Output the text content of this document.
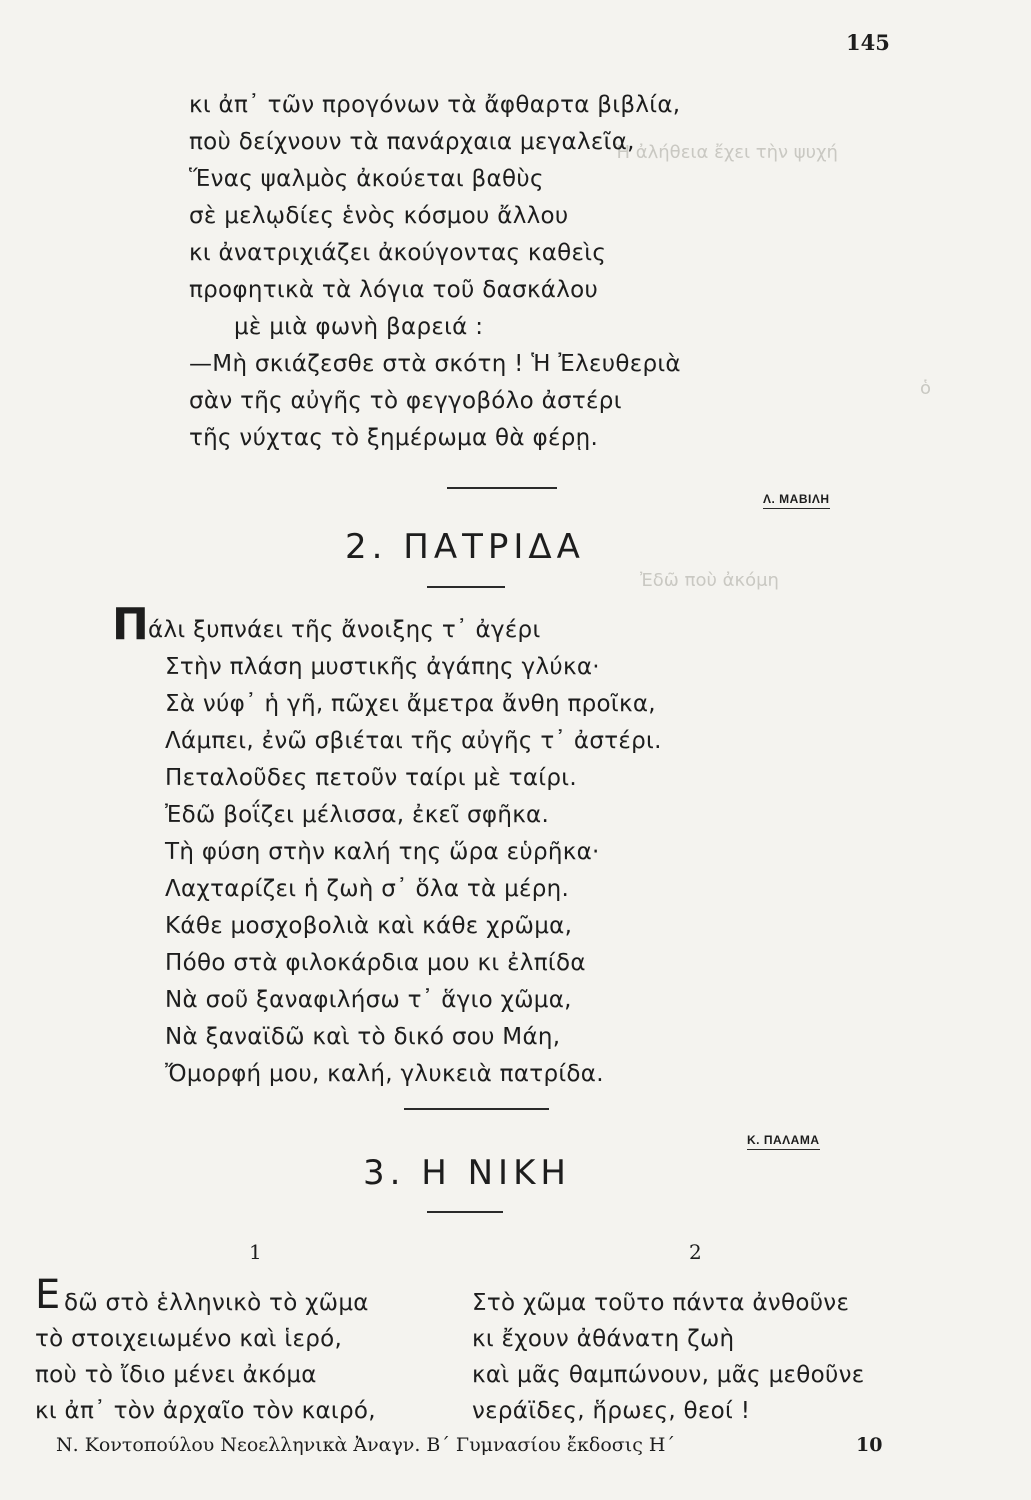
Ἡ ἀλήθεια ἔχει τὴν ψυχή
ὁ
Ἐδῶ ποὺ ἀκόμη
145
κι ἀπ᾿ τῶν προγόνων τὰ ἄφθαρτα βιβλία,
ποὺ δείχνουν τὰ πανάρχαια μεγαλεῖα,
Ἕνας ψαλμὸς ἀκούεται βαθὺς
σὲ μελῳδίες ἑνὸς κόσμου ἄλλου
κι ἀνατριχιάζει ἀκούγοντας καθεὶς
προφητικὰ τὰ λόγια τοῦ δασκάλου
μὲ μιὰ φωνὴ βαρειά :
—Μὴ σκιάζεσθε στὰ σκότη ! Ἡ Ἐλευθεριὰ
σὰν τῆς αὐγῆς τὸ φεγγοβόλο ἀστέρι
τῆς νύχτας τὸ ξημέρωμα θὰ φέρῃ.
Λ. ΜΑΒΙΛΗ
2. ΠΑΤΡΙΔΑ
Π άλι ξυπνάει τῆς ἄνοιξης τ᾿ ἀγέρι
Στὴν πλάση μυστικῆς ἀγάπης γλύκα·
Σὰ νύφ᾿ ἡ γῆ, πῶχει ἄμετρα ἄνθη προῖκα,
Λάμπει, ἐνῶ σβιέται τῆς αὐγῆς τ᾿ ἀστέρι.
Πεταλοῦδες πετοῦν ταίρι μὲ ταίρι.
Ἐδῶ βοΐζει μέλισσα, ἐκεῖ σφῆκα.
Τὴ φύση στὴν καλή της ὥρα εὑρῆκα·
Λαχταρίζει ἡ ζωὴ σ᾿ ὅλα τὰ μέρη.
Κάθε μοσχοβολιὰ καὶ κάθε χρῶμα,
Πόθο στὰ φιλοκάρδια μου κι ἐλπίδα
Νὰ σοῦ ξαναφιλήσω τ᾿ ἅγιο χῶμα,
Νὰ ξαναϊδῶ καὶ τὸ δικό σου Μάη,
Ὄμορφή μου, καλή, γλυκειὰ πατρίδα.
Κ. ΠΑΛΑΜΑ
3. Η ΝΙΚΗ
1	2
Ε δῶ στὸ ἑλληνικὸ τὸ χῶμα
τὸ στοιχειωμένο καὶ ἱερό,
ποὺ τὸ ἴδιο μένει ἀκόμα
κι ἀπ᾿ τὸν ἀρχαῖο τὸν καιρό,
Στὸ χῶμα τοῦτο πάντα ἀνθοῦνε
κι ἔχουν ἀθάνατη ζωὴ
καὶ μᾶς θαμπώνουν, μᾶς μεθοῦνε
νεράϊδες, ἥρωες, θεοί !
Ν. Κοντοπούλου Νεοελληνικὰ Ἀναγν. Β΄ Γυμνασίου ἔκδοσις Η΄	10
